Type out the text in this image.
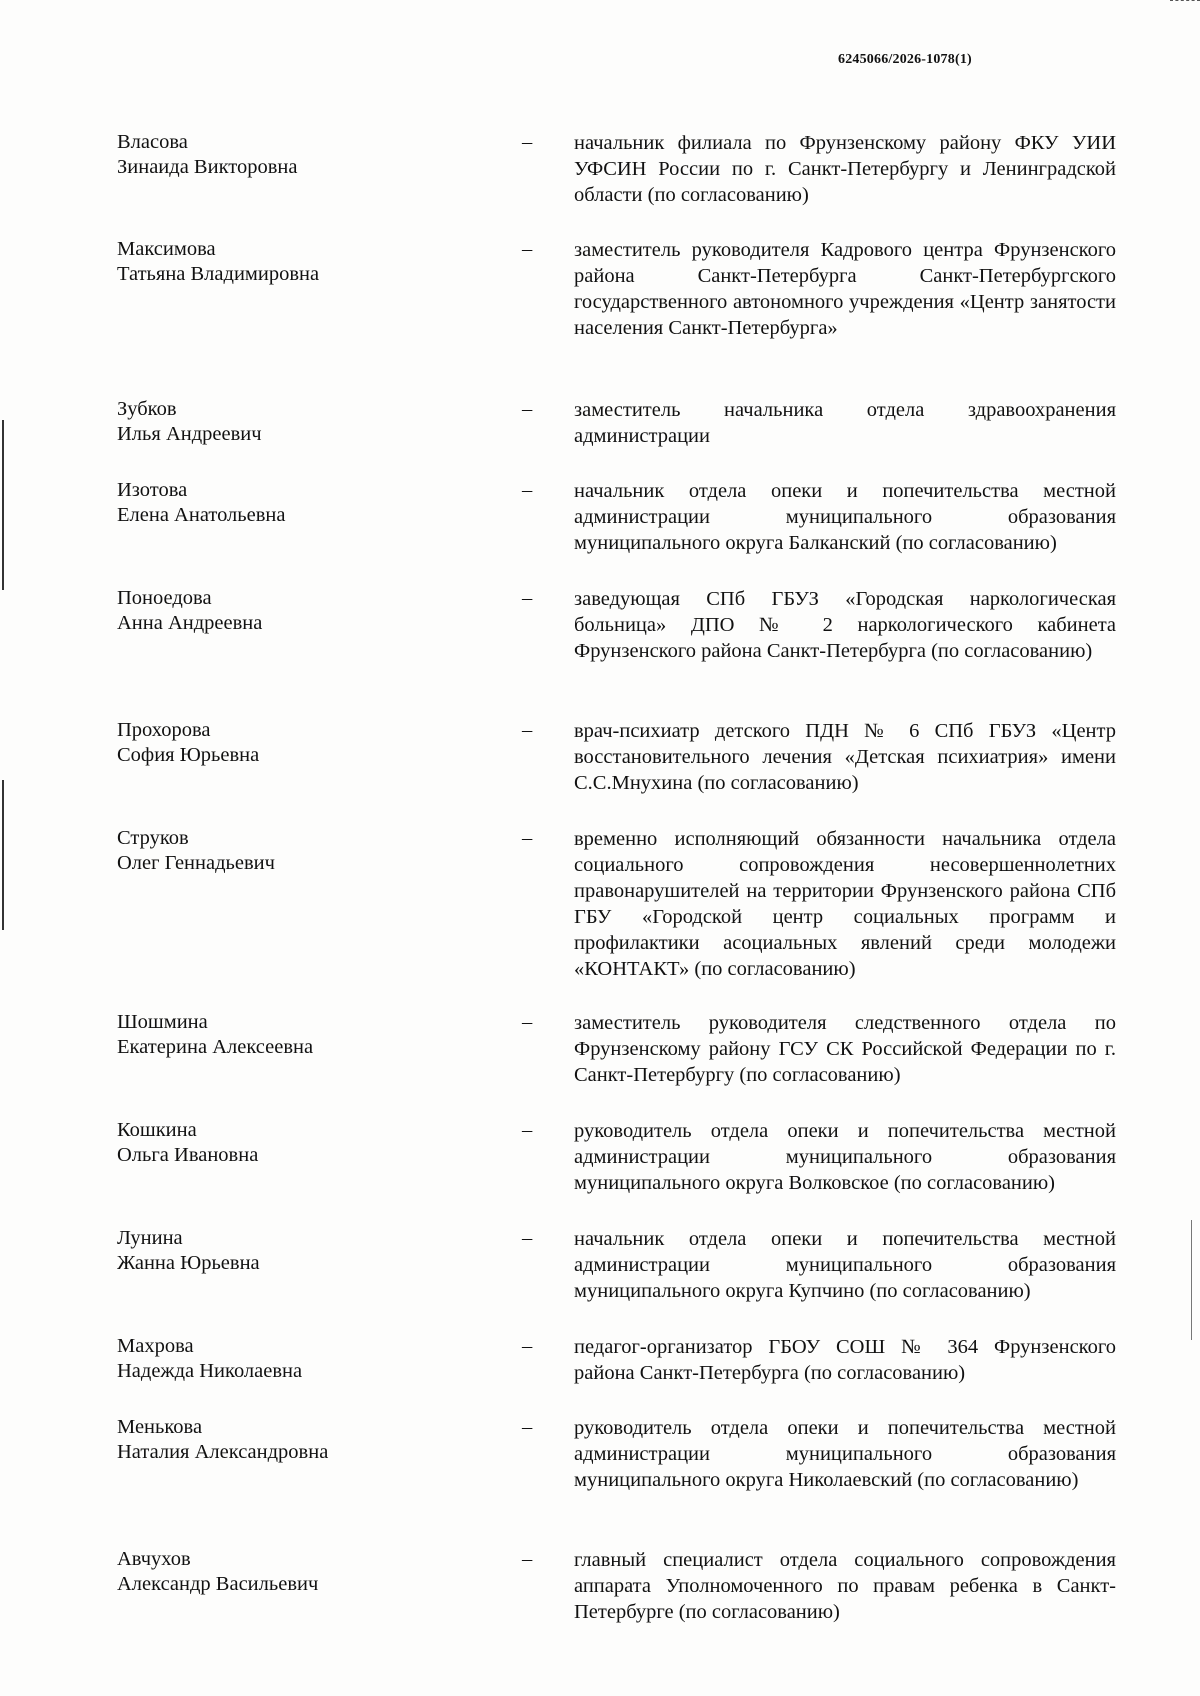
6245066/2026-1078(1)
Власова
Зинаида Викторовна
– начальник филиала по Фрунзенскому району ФКУ УИИ УФСИН России по г. Санкт-Петербургу и Ленинградской области (по согласованию)
Максимова
Татьяна Владимировна
– заместитель руководителя Кадрового центра Фрунзенского района Санкт-Петербурга Санкт-Петербургского государственного автономного учреждения «Центр занятости населения Санкт-Петербурга»
Зубков
Илья Андреевич
– заместитель начальника отдела здравоохранения администрации
Изотова
Елена Анатольевна
– начальник отдела опеки и попечительства местной администрации муниципального образования муниципального округа Балканский (по согласованию)
Поноедова
Анна Андреевна
– заведующая СПб ГБУЗ «Городская наркологическая больница» ДПО № 2 наркологического кабинета Фрунзенского района Санкт-Петербурга (по согласованию)
Прохорова
София Юрьевна
– врач-психиатр детского ПДН № 6 СПб ГБУЗ «Центр восстановительного лечения «Детская психиатрия» имени С.С.Мнухина (по согласованию)
Струков
Олег Геннадьевич
– временно исполняющий обязанности начальника отдела социального сопровождения несовершеннолетних правонарушителей на территории Фрунзенского района СПб ГБУ «Городской центр социальных программ и профилактики асоциальных явлений среди молодежи «КОНТАКТ» (по согласованию)
Шошмина
Екатерина Алексеевна
– заместитель руководителя следственного отдела по Фрунзенскому району ГСУ СК Российской Федерации по г. Санкт-Петербургу (по согласованию)
Кошкина
Ольга Ивановна
– руководитель отдела опеки и попечительства местной администрации муниципального образования муниципального округа Волковское (по согласованию)
Лунина
Жанна Юрьевна
– начальник отдела опеки и попечительства местной администрации муниципального образования муниципального округа Купчино (по согласованию)
Махрова
Надежда Николаевна
– педагог-организатор ГБОУ СОШ № 364 Фрунзенского района Санкт-Петербурга (по согласованию)
Менькова
Наталия Александровна
– руководитель отдела опеки и попечительства местной администрации муниципального образования муниципального округа Николаевский (по согласованию)
Авчухов
Александр Васильевич
– главный специалист отдела социального сопровождения аппарата Уполномоченного по правам ребенка в Санкт-Петербурге (по согласованию)
